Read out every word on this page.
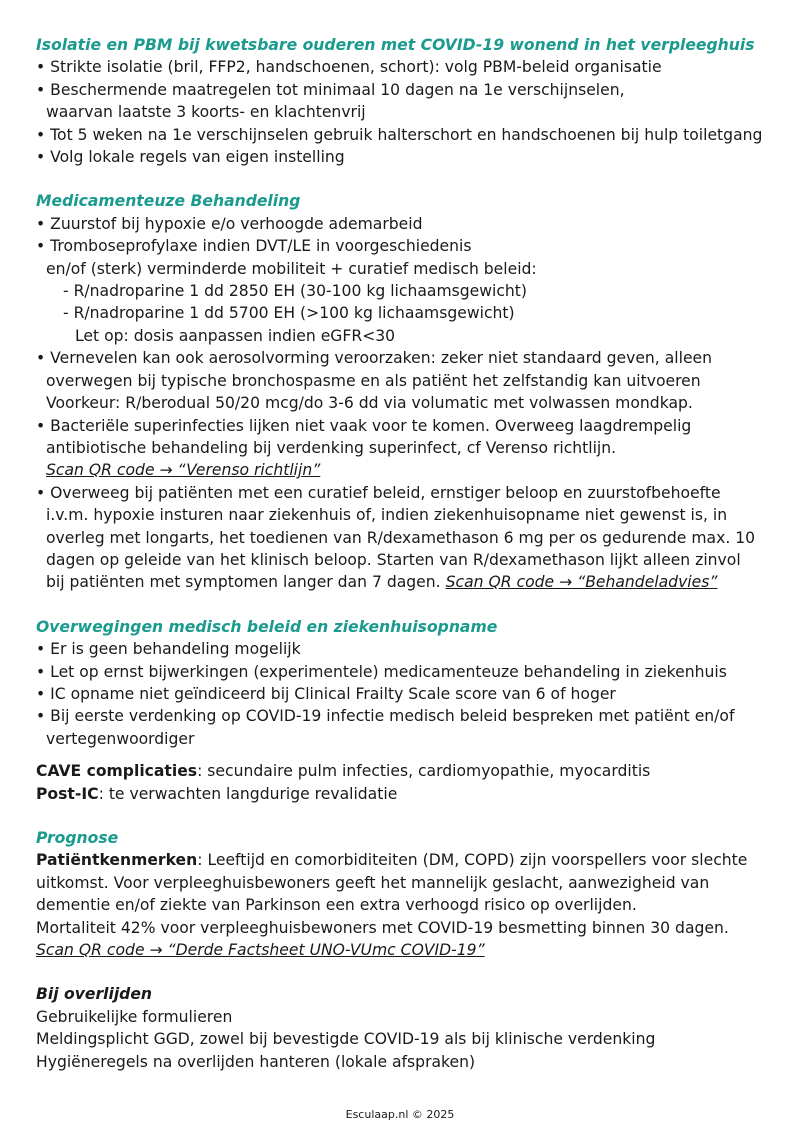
Isolatie en PBM bij kwetsbare ouderen met COVID-19 wonend in het verpleeghuis
• Strikte isolatie (bril, FFP2, handschoenen, schort): volg PBM-beleid organisatie
• Beschermende maatregelen tot minimaal 10 dagen na 1e verschijnselen,
waarvan laatste 3 koorts- en klachtenvrij
• Tot 5 weken na 1e verschijnselen gebruik halterschort en handschoenen bij hulp toiletgang
• Volg lokale regels van eigen instelling
Medicamenteuze Behandeling
• Zuurstof bij hypoxie e/o verhoogde ademarbeid
• Tromboseprofylaxe indien DVT/LE in voorgeschiedenis
en/of (sterk) verminderde mobiliteit + curatief medisch beleid:
- R/nadroparine 1 dd 2850 EH (30-100 kg lichaamsgewicht)
- R/nadroparine 1 dd 5700 EH (>100 kg lichaamsgewicht)
Let op: dosis aanpassen indien eGFR<30
• Vernevelen kan ook aerosolvorming veroorzaken: zeker niet standaard geven, alleen
overwegen bij typische bronchospasme en als patiënt het zelfstandig kan uitvoeren
Voorkeur: R/berodual 50/20 mcg/do 3-6 dd via volumatic met volwassen mondkap.
• Bacteriële superinfecties lijken niet vaak voor te komen. Overweeg laagdrempelig
antibiotische behandeling bij verdenking superinfect, cf Verenso richtlijn.
Scan QR code → “Verenso richtlijn”
• Overweeg bij patiënten met een curatief beleid, ernstiger beloop en zuurstofbehoefte
i.v.m. hypoxie insturen naar ziekenhuis of, indien ziekenhuisopname niet gewenst is, in
overleg met longarts, het toedienen van R/dexamethason 6 mg per os gedurende max. 10
dagen op geleide van het klinisch beloop. Starten van R/dexamethason lijkt alleen zinvol
bij patiënten met symptomen langer dan 7 dagen. Scan QR code → “Behandeladvies”
Overwegingen medisch beleid en ziekenhuisopname
• Er is geen behandeling mogelijk
• Let op ernst bijwerkingen (experimentele) medicamenteuze behandeling in ziekenhuis
• IC opname niet geïndiceerd bij Clinical Frailty Scale score van 6 of hoger
• Bij eerste verdenking op COVID-19 infectie medisch beleid bespreken met patiënt en/of
vertegenwoordiger
CAVE complicaties: secundaire pulm infecties, cardiomyopathie, myocarditis
Post-IC: te verwachten langdurige revalidatie
Prognose
Patiëntkenmerken: Leeftijd en comorbiditeiten (DM, COPD) zijn voorspellers voor slechte
uitkomst. Voor verpleeghuisbewoners geeft het mannelijk geslacht, aanwezigheid van
dementie en/of ziekte van Parkinson een extra verhoogd risico op overlijden.
Mortaliteit 42% voor verpleeghuisbewoners met COVID-19 besmetting binnen 30 dagen.
Scan QR code → “Derde Factsheet UNO-VUmc COVID-19”
Bij overlijden
Gebruikelijke formulieren
Meldingsplicht GGD, zowel bij bevestigde COVID-19 als bij klinische verdenking
Hygiëneregels na overlijden hanteren (lokale afspraken)
Esculaap.nl © 2025
